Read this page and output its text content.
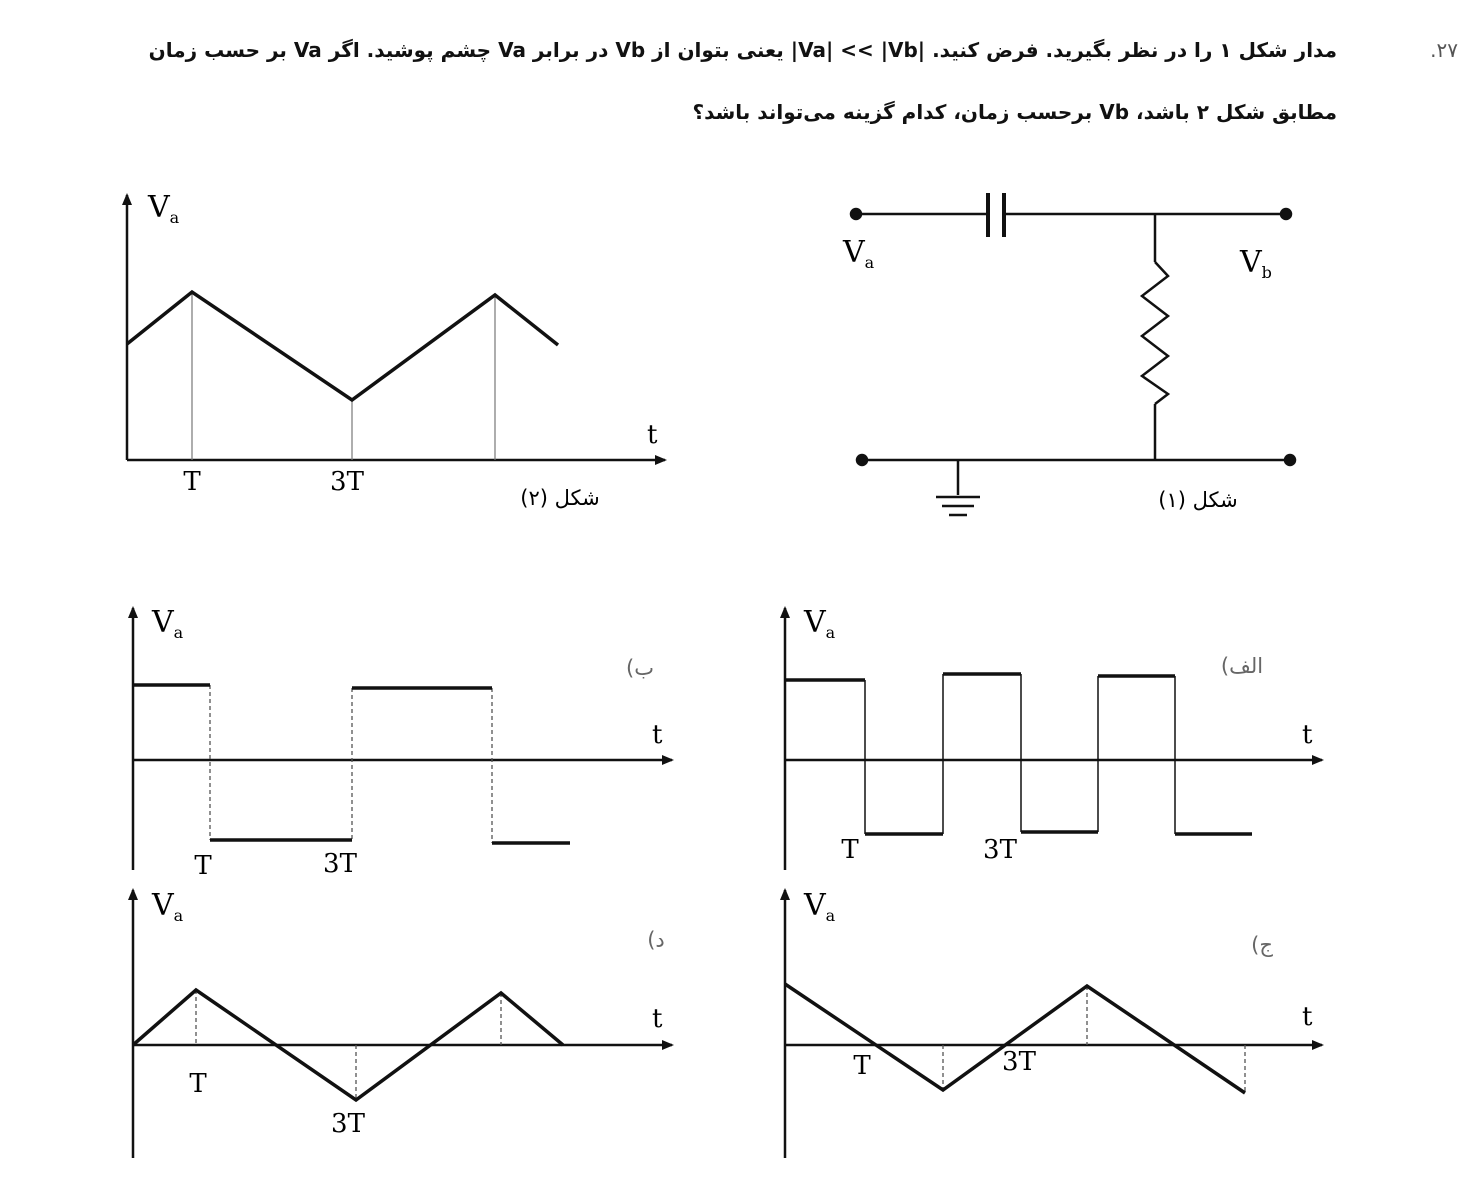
۲۷.
مدار شکل ۱ را در نظر بگیرید. فرض کنید. |Va| << |Vb| یعنی بتوان از Vb در برابر Va چشم پوشید. اگر Va بر حسب زمان
مطابق شکل ۲ باشد، Vb برحسب زمان، کدام گزینه می‌تواند باشد؟
$V_a$	$V_b$
شکل (۱)
$V_a$
t
T	3T
شکل (۲)
$V_a$
t
T	3T
ب)
$V_a$
t
T	3T
الف)
$V_a$
t
T
3T
د)
$V_a$
t
T	3T
ج)
